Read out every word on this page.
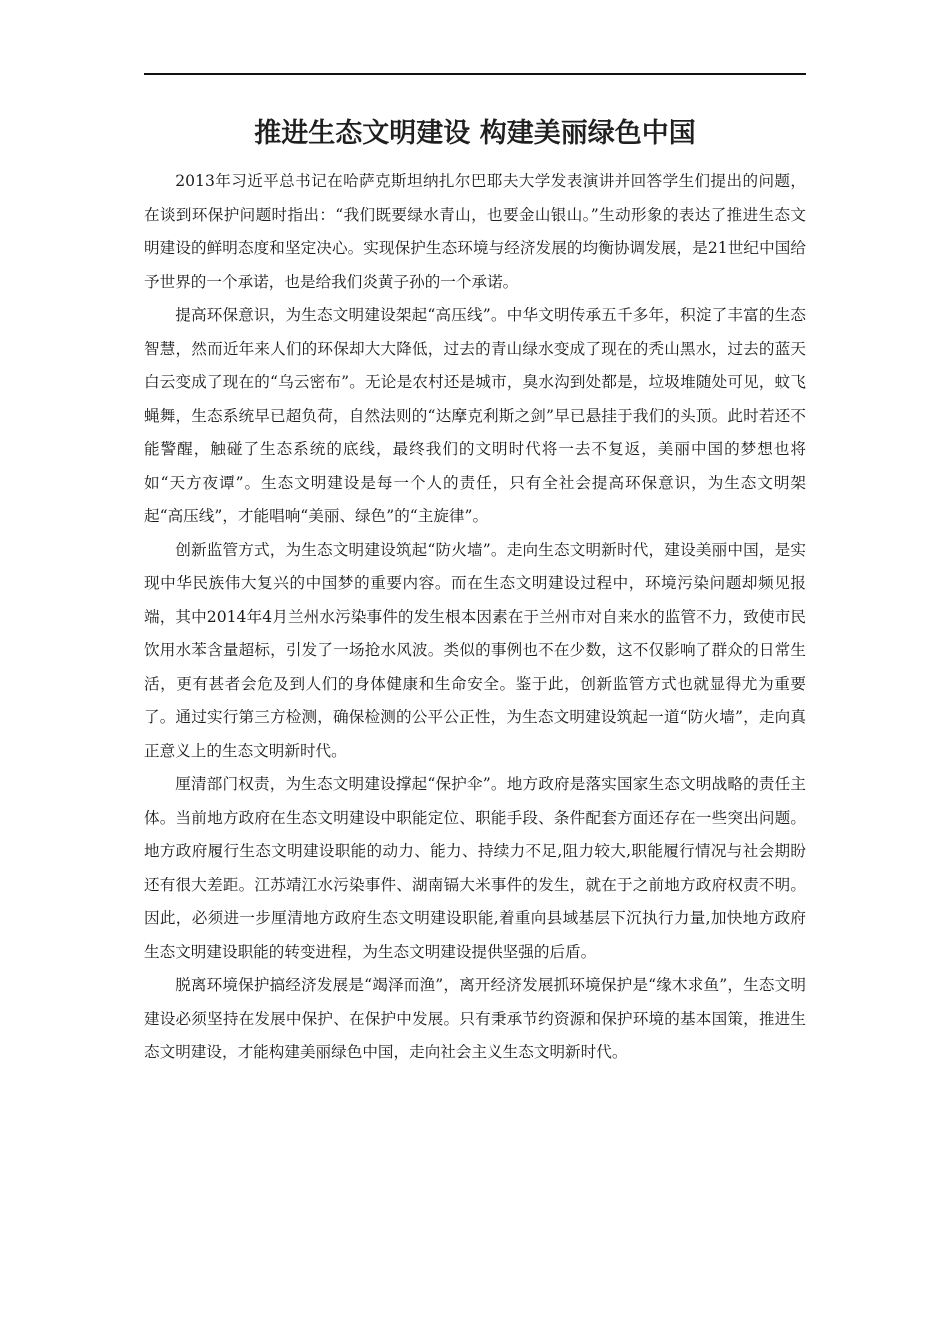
推进生态文明建设 构建美丽绿色中国

2013年习近平总书记在哈萨克斯坦纳扎尔巴耶夫大学发表演讲并回答学生们提出的问题，在谈到环保护问题时指出：“我们既要绿水青山，也要金山银山。”生动形象的表达了推进生态文明建设的鲜明态度和坚定决心。实现保护生态环境与经济发展的均衡协调发展，是21世纪中国给予世界的一个承诺，也是给我们炎黄子孙的一个承诺。

提高环保意识，为生态文明建设架起“高压线”。中华文明传承五千多年，积淀了丰富的生态智慧，然而近年来人们的环保却大大降低，过去的青山绿水变成了现在的秃山黑水，过去的蓝天白云变成了现在的“乌云密布”。无论是农村还是城市，臭水沟到处都是，垃圾堆随处可见，蚊飞蝇舞，生态系统早已超负荷，自然法则的“达摩克利斯之剑”早已悬挂于我们的头顶。此时若还不能警醒，触碰了生态系统的底线，最终我们的文明时代将一去不复返，美丽中国的梦想也将如“天方夜谭”。生态文明建设是每一个人的责任，只有全社会提高环保意识，为生态文明架起“高压线”，才能唱响“美丽、绿色”的“主旋律”。

创新监管方式，为生态文明建设筑起“防火墙”。走向生态文明新时代，建设美丽中国，是实现中华民族伟大复兴的中国梦的重要内容。而在生态文明建设过程中，环境污染问题却频见报端，其中2014年4月兰州水污染事件的发生根本因素在于兰州市对自来水的监管不力，致使市民饮用水苯含量超标，引发了一场抢水风波。类似的事例也不在少数，这不仅影响了群众的日常生活，更有甚者会危及到人们的身体健康和生命安全。鉴于此，创新监管方式也就显得尤为重要了。通过实行第三方检测，确保检测的公平公正性，为生态文明建设筑起一道“防火墙”，走向真正意义上的生态文明新时代。

厘清部门权责，为生态文明建设撑起“保护伞”。地方政府是落实国家生态文明战略的责任主体。当前地方政府在生态文明建设中职能定位、职能手段、条件配套方面还存在一些突出问题。地方政府履行生态文明建设职能的动力、能力、持续力不足,阻力较大,职能履行情况与社会期盼还有很大差距。江苏靖江水污染事件、湖南镉大米事件的发生，就在于之前地方政府权责不明。因此，必须进一步厘清地方政府生态文明建设职能,着重向县域基层下沉执行力量,加快地方政府生态文明建设职能的转变进程，为生态文明建设提供坚强的后盾。

脱离环境保护搞经济发展是“竭泽而渔”，离开经济发展抓环境保护是“缘木求鱼”，生态文明建设必须坚持在发展中保护、在保护中发展。只有秉承节约资源和保护环境的基本国策，推进生态文明建设，才能构建美丽绿色中国，走向社会主义生态文明新时代。
